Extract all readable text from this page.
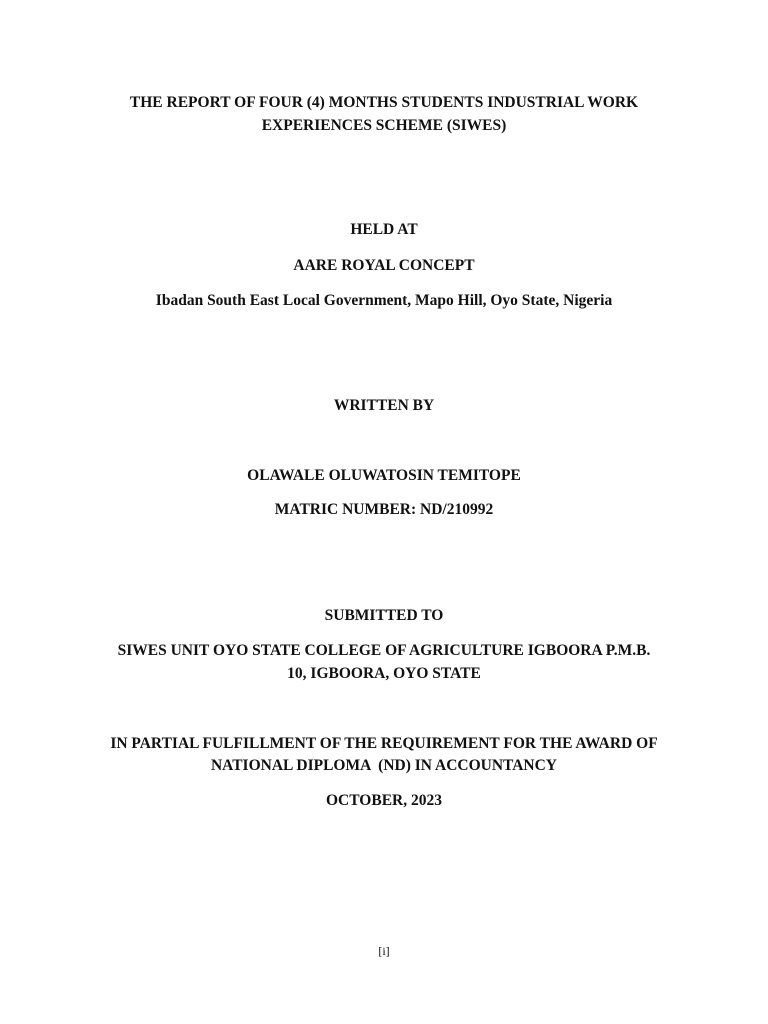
THE REPORT OF FOUR (4) MONTHS STUDENTS INDUSTRIAL WORK
EXPERIENCES SCHEME (SIWES)
HELD AT
AARE ROYAL CONCEPT
Ibadan South East Local Government, Mapo Hill, Oyo State, Nigeria
WRITTEN BY
OLAWALE OLUWATOSIN TEMITOPE
MATRIC NUMBER: ND/210992
SUBMITTED TO
SIWES UNIT OYO STATE COLLEGE OF AGRICULTURE IGBOORA P.M.B.
10, IGBOORA, OYO STATE
IN PARTIAL FULFILLMENT OF THE REQUIREMENT FOR THE AWARD OF
NATIONAL DIPLOMA  (ND) IN ACCOUNTANCY
OCTOBER, 2023
[i]
